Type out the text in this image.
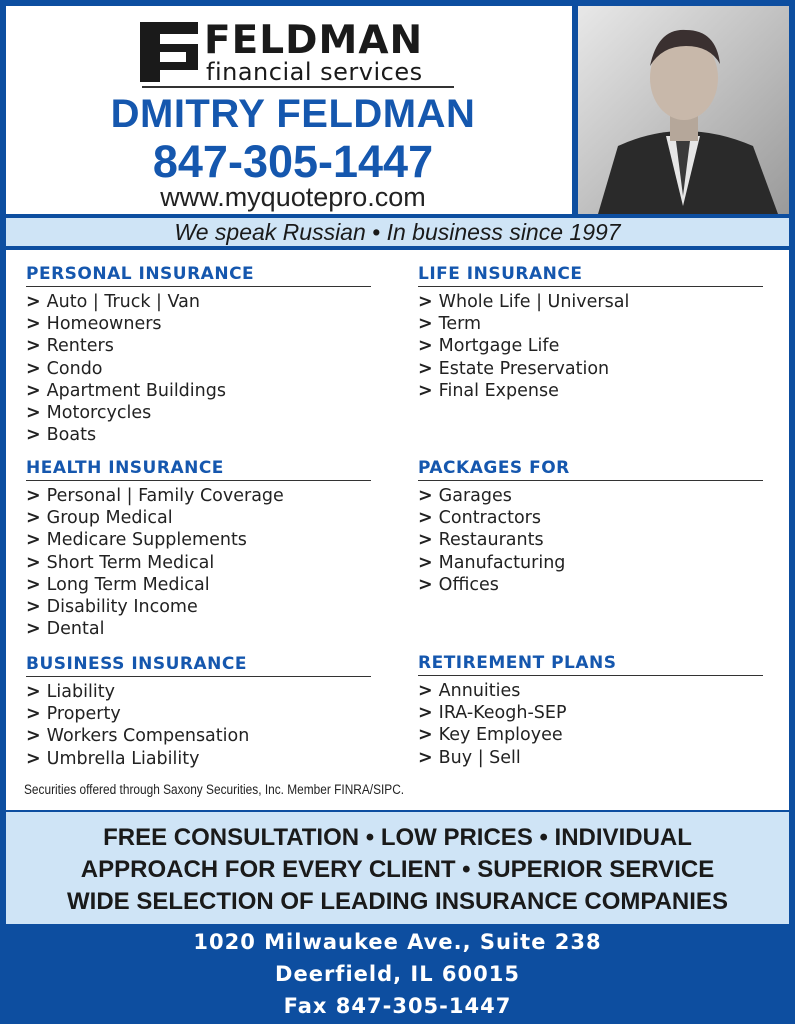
FELDMAN
financial services
DMITRY FELDMAN
847-305-1447
www.myquotepro.com
We speak Russian • In business since 1997
PERSONAL INSURANCE
> Auto | Truck | Van
> Homeowners
> Renters
> Condo
> Apartment Buildings
> Motorcycles
> Boats
LIFE INSURANCE
> Whole Life | Universal
> Term
> Mortgage Life
> Estate Preservation
> Final Expense
HEALTH INSURANCE
> Personal | Family Coverage
> Group Medical
> Medicare Supplements
> Short Term Medical
> Long Term Medical
> Disability Income
> Dental
PACKAGES FOR
> Garages
> Contractors
> Restaurants
> Manufacturing
> Offices
BUSINESS INSURANCE
> Liability
> Property
> Workers Compensation
> Umbrella Liability
RETIREMENT PLANS
> Annuities
> IRA-Keogh-SEP
> Key Employee
> Buy | Sell
Securities offered through Saxony Securities, Inc. Member FINRA/SIPC.
FREE CONSULTATION • LOW PRICES • INDIVIDUAL
APPROACH FOR EVERY CLIENT • SUPERIOR SERVICE
WIDE SELECTION OF LEADING INSURANCE COMPANIES
1020 Milwaukee Ave., Suite 238
Deerfield, IL 60015
Fax 847-305-1447
